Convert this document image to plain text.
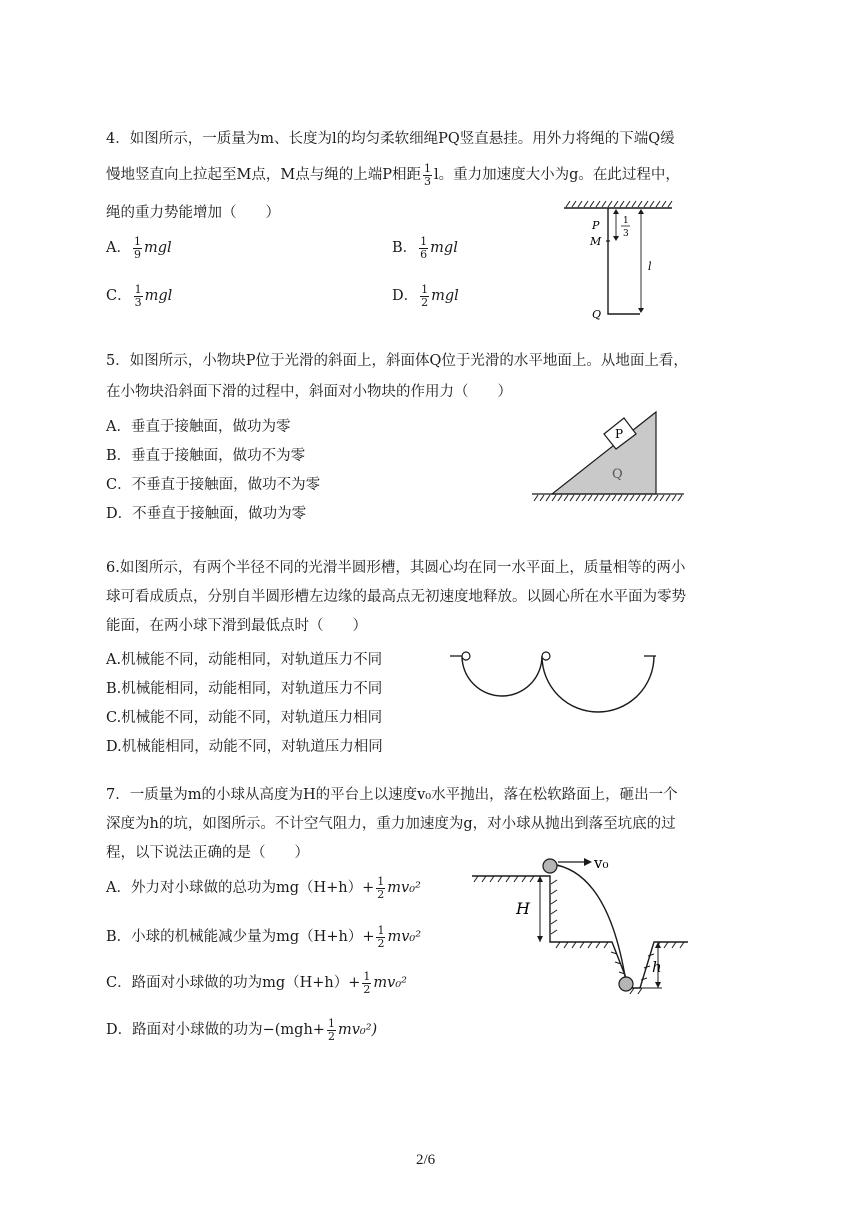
4．如图所示，一质量为m、长度为l的均匀柔软细绳PQ竖直悬挂。用外力将绳的下端Q缓
慢地竖直向上拉起至M点，M点与绳的上端P相距 $\frac{1}{3}$ l。重力加速度大小为g。在此过程中，
绳的重力势能增加（　　）
A． $\frac{1}{9}$ mgl	B． $\frac{1}{6}$ mgl
C． $\frac{1}{3}$ mgl	D． $\frac{1}{2}$ mgl
P
M
Q
l
1
3
5．如图所示，小物块P位于光滑的斜面上，斜面体Q位于光滑的水平地面上。从地面上看，
在小物块沿斜面下滑的过程中，斜面对小物块的作用力（　　）
A．垂直于接触面，做功为零
B．垂直于接触面，做功不为零
C．不垂直于接触面，做功不为零
D．不垂直于接触面，做功为零
P
Q
6.如图所示，有两个半径不同的光滑半圆形槽，其圆心均在同一水平面上，质量相等的两小
球可看成质点，分别自半圆形槽左边缘的最高点无初速度地释放。以圆心所在水平面为零势
能面，在两小球下滑到最低点时（　　）
A.机械能不同，动能相同，对轨道压力不同
B.机械能相同，动能相同，对轨道压力不同
C.机械能不同，动能不同，对轨道压力相同
D.机械能相同，动能不同，对轨道压力相同
7．一质量为m的小球从高度为H的平台上以速度v₀水平抛出，落在松软路面上，砸出一个
深度为h的坑，如图所示。不计空气阻力，重力加速度为g，对小球从抛出到落至坑底的过
程，以下说法正确的是（　　）
A．外力对小球做的总功为$mg(H+h)+ \frac{1}{2} mv_0^2$
B．小球的机械能减少量为$mg(H+h)+ \frac{1}{2} mv_0^2$
C．路面对小球做的功为$mg(H+h)+ \frac{1}{2} mv_0^2$
D．路面对小球做的功为$-(mgh+ \frac{1}{2} mv_0^2)$
v₀
H
h
2/6
